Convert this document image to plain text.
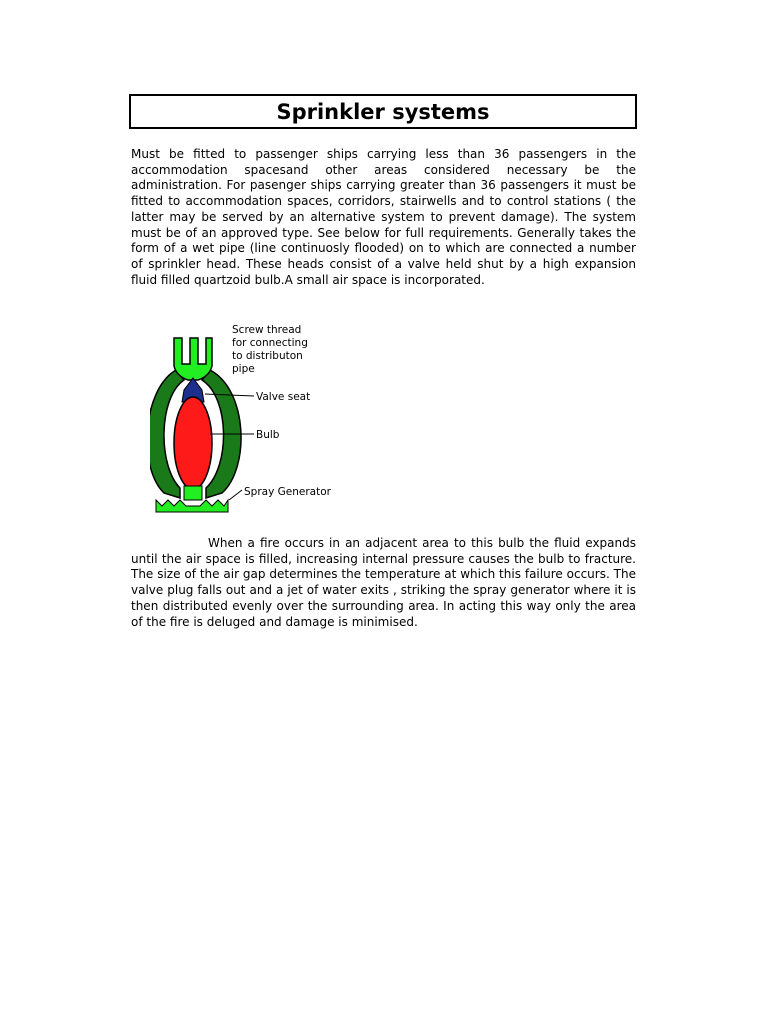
Sprinkler systems

Must be fitted to passenger ships carrying less than 36 passengers in the accommodation spacesand other areas considered necessary be the administration. For pasenger ships carrying greater than 36 passengers it must be fitted to accommodation spaces, corridors, stairwells and to control stations ( the latter may be served by an alternative system to prevent damage). The system must be of an approved type. See below for full requirements. Generally takes the form of a wet pipe (line continuosly flooded) on to which are connected a number of sprinkler head. These heads consist of a valve held shut by a high expansion fluid filled quartzoid bulb.A small air space is incorporated.

Screw thread
for connecting
to distributon
pipe
Valve seat
Bulb
Spray Generator

When a fire occurs in an adjacent area to this bulb the fluid expands until the air space is filled, increasing internal pressure causes the bulb to fracture. The size of the air gap determines the temperature at which this failure occurs. The valve plug falls out and a jet of water exits , striking the spray generator where it is then distributed evenly over the surrounding area. In acting this way only the area of the fire is deluged and damage is minimised.
